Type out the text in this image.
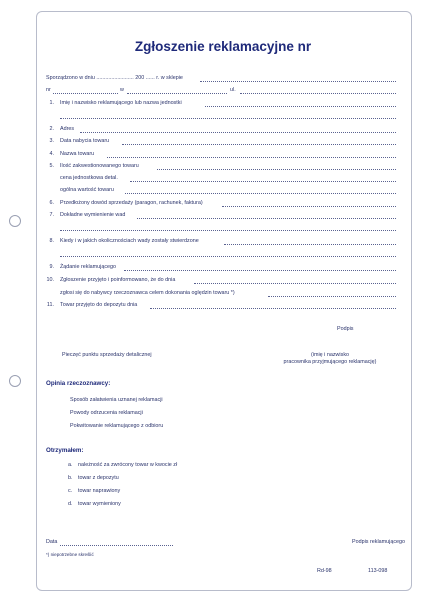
Zgłoszenie reklamacyjne nr
Sporządzono w dniu ......................... 200 ...... r. w sklepie
nr	w	ul.
1. Imię i nazwisko reklamującego lub nazwa jednostki
2. Adres
3. Data nabycia towaru
4. Nazwa towaru
5. Ilość zakwestionowanego towaru
cena jednostkowa detal.
ogólna wartość towaru
6. Przedłożony dowód sprzedaży (paragon, rachunek, faktura)
7. Dokładne wymienienie wad
8. Kiedy i w jakich okolicznościach wady zostały stwierdzone
9. Żądanie reklamującego
10. Zgłoszenie przyjęto i poinformowano, że do dnia
zgłosi się do nabywcy rzeczoznawca celem dokonania oględzin towaru *)
11. Towar przyjęto do depozytu dnia
Podpis
Pieczęć punktu sprzedaży detalicznej	(imię i nazwisko
pracownika przyjmującego reklamację)
Opinia rzeczoznawcy:
Sposób załatwienia uznanej reklamacji
Powody odrzucenia reklamacji
Pokwitowanie reklamującego z odbioru
Otrzymałem:
a. należność za zwrócony towar w kwocie zł
b. towar z depozytu
c. towar naprawiony
d. towar wymieniony
Data	Podpis reklamującego
*) niepotrzebne skreślić
Rd-98	113-098
